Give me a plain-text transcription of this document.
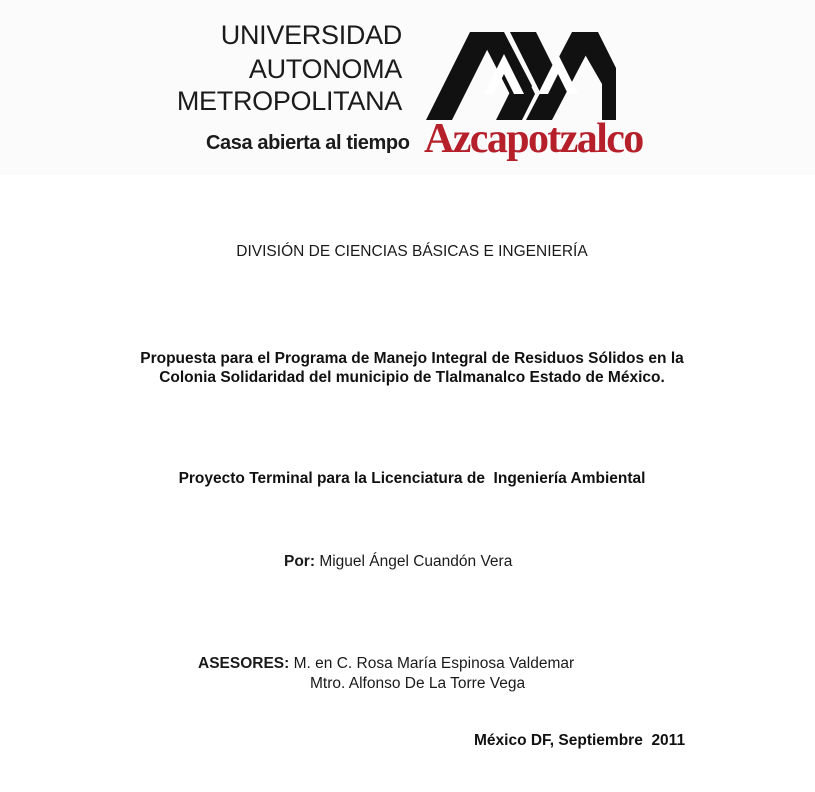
UNIVERSIDAD
AUTONOMA
METROPOLITANA
Casa abierta al tiempo Azcapotzalco
DIVISIÓN DE CIENCIAS BÁSICAS E INGENIERÍA
Propuesta para el Programa de Manejo Integral de Residuos Sólidos en la
Colonia Solidaridad del municipio de Tlalmanalco Estado de México.
Proyecto Terminal para la Licenciatura de  Ingeniería Ambiental
Por: Miguel Ángel Cuandón Vera
ASESORES: M. en C. Rosa María Espinosa Valdemar
Mtro. Alfonso De La Torre Vega
México DF, Septiembre  2011
